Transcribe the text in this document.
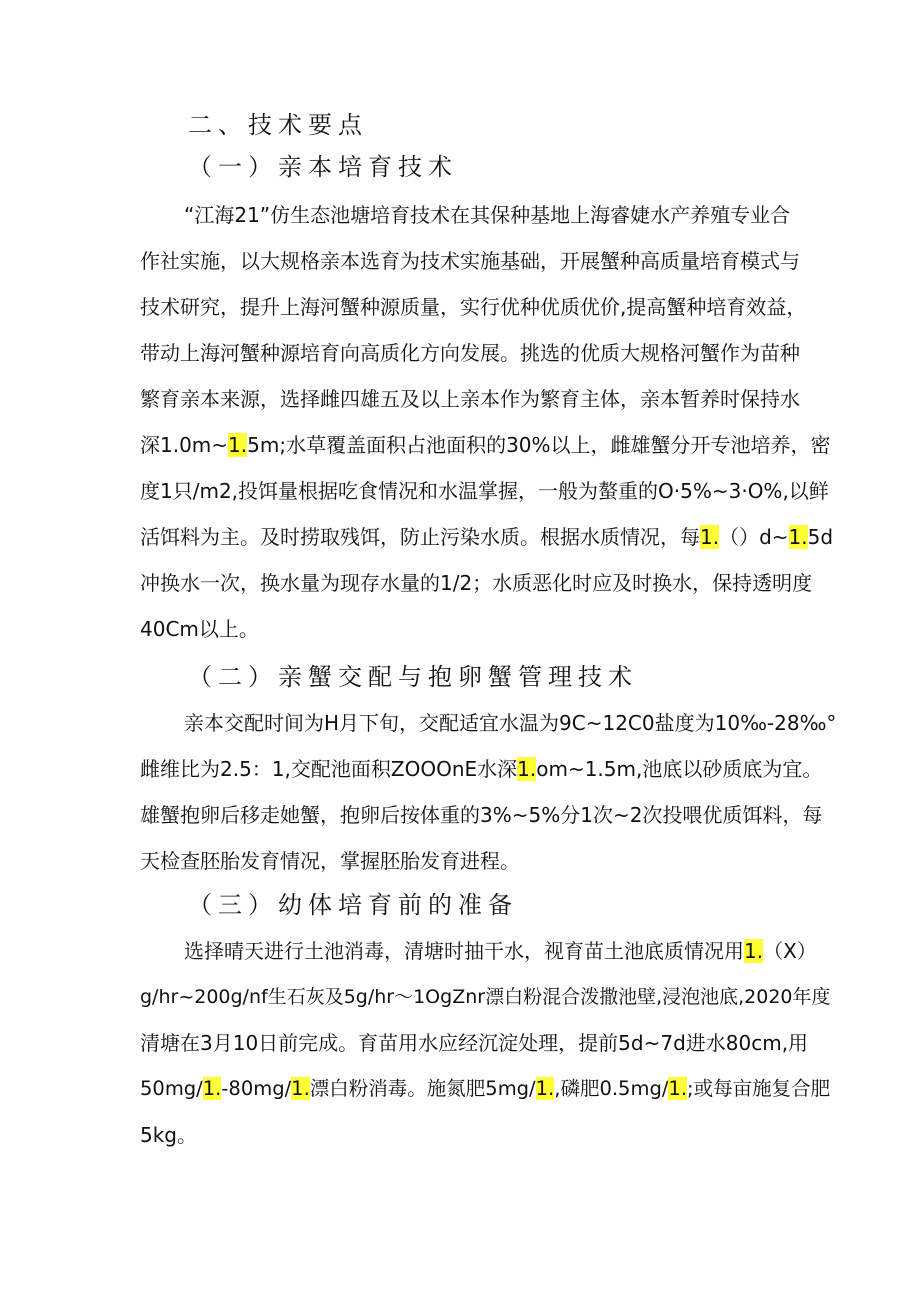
二、技术要点
（一）亲本培育技术

“江海21”仿生态池塘培育技术在其保种基地上海睿婕水产养殖专业合

作社实施，以大规格亲本选育为技术实施基础，开展蟹种高质量培育模式与

技术研究，提升上海河蟹种源质量，实行优种优质优价,提高蟹种培育效益，

带动上海河蟹种源培育向高质化方向发展。挑选的优质大规格河蟹作为苗种

繁育亲本来源，选择雌四雄五及以上亲本作为繁育主体，亲本暂养时保持水

深1.0m~1.5m;水草覆盖面积占池面积的30%以上，雌雄蟹分开专池培养，密

度1只/m2,投饵量根据吃食情况和水温掌握，一般为螯重的O·5%~3·O%,以鲜

活饵料为主。及时捞取残饵，防止污染水质。根据水质情况，每1.（）d~1.5d

冲换水一次，换水量为现存水量的1/2；水质恶化时应及时换水，保持透明度

40Cm以上。

（二）亲蟹交配与抱卵蟹管理技术

亲本交配时间为H月下旬，交配适宜水温为9C~12C0盐度为10‰-28‰°

雌维比为2.5：1,交配池面积ZOOOnE水深1.om~1.5m,池底以砂质底为宜。

雄蟹抱卵后移走她蟹，抱卵后按体重的3%~5%分1次~2次投喂优质饵料，每

天检查胚胎发育情况，掌握胚胎发育进程。

（三）幼体培育前的准备

选择晴天进行土池消毒，清塘时抽干水，视育苗土池底质情况用1.（X）

g∕hr~200g∕nf生石灰及5g∕hr～1OgZnr漂白粉混合泼撒池壁,浸泡池底,2020年度

清塘在3月10日前完成。育苗用水应经沉淀处理，提前5d~7d进水80cm,用

50mg∕1.-80mg∕1.漂白粉消毒。施氮肥5mg∕1.,磷肥0.5mg∕1.;或每亩施复合肥

5kg。
